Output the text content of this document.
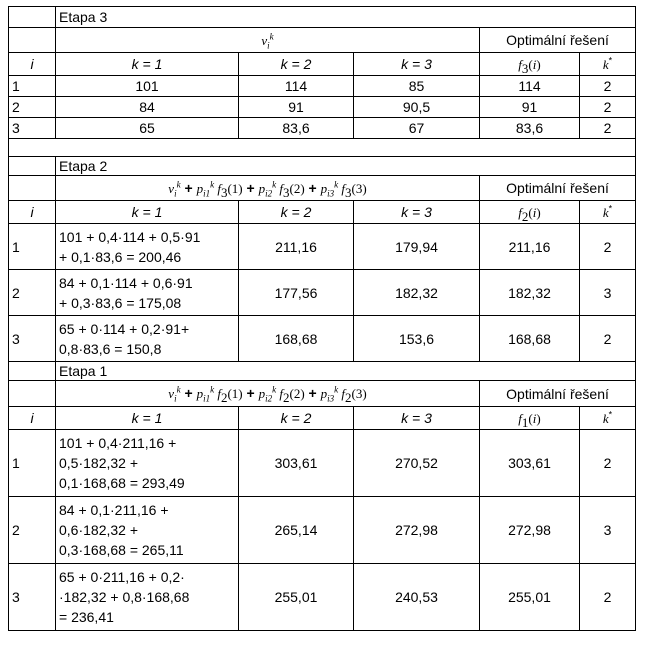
	Etapa 3				
	$\nu_i^k$			Optimální řešení	
i	k = 1	k = 2	k = 3	$f_3(i)$	k*
1	101	114	85	114	2
2	84	91	90,5	91	2
3	65	83,6	67	83,6	2

	Etapa 2				
	$\nu_i^k + p_{i1}^k$ $f_3(1) + p_{i2}^k$ $f_3(2) + p_{i3}^k$ $f_3(3)$			Optimální řešení	
i	k = 1	k = 2	k = 3	$f_2(i)$	k*
1	101 + 0,4·114 + 0,5·91
+ 0,1·83,6 = 200,46	211,16	179,94	211,16	2
2	84 + 0,1·114 + 0,6·91
+ 0,3·83,6 = 175,08	177,56	182,32	182,32	3
3	65 + 0·114 + 0,2·91+
0,8·83,6 = 150,8	168,68	153,6	168,68	2
	Etapa 1				
	$\nu_i^k + p_{i1}^k$ $f_2(1) + p_{i2}^k$ $f_2(2) + p_{i3}^k$ $f_2(3)$			Optimální řešení	
i	k = 1	k = 2	k = 3	$f_1(i)$	k*
1	101 + 0,4·211,16 +
0,5·182,32 +
0,1·168,68 = 293,49	303,61	270,52	303,61	2
2	84 + 0,1·211,16 +
0,6·182,32 +
0,3·168,68 = 265,11	265,14	272,98	272,98	3
3	65 + 0·211,16 + 0,2·
·182,32 + 0,8·168,68
= 236,41	255,01	240,53	255,01	2
